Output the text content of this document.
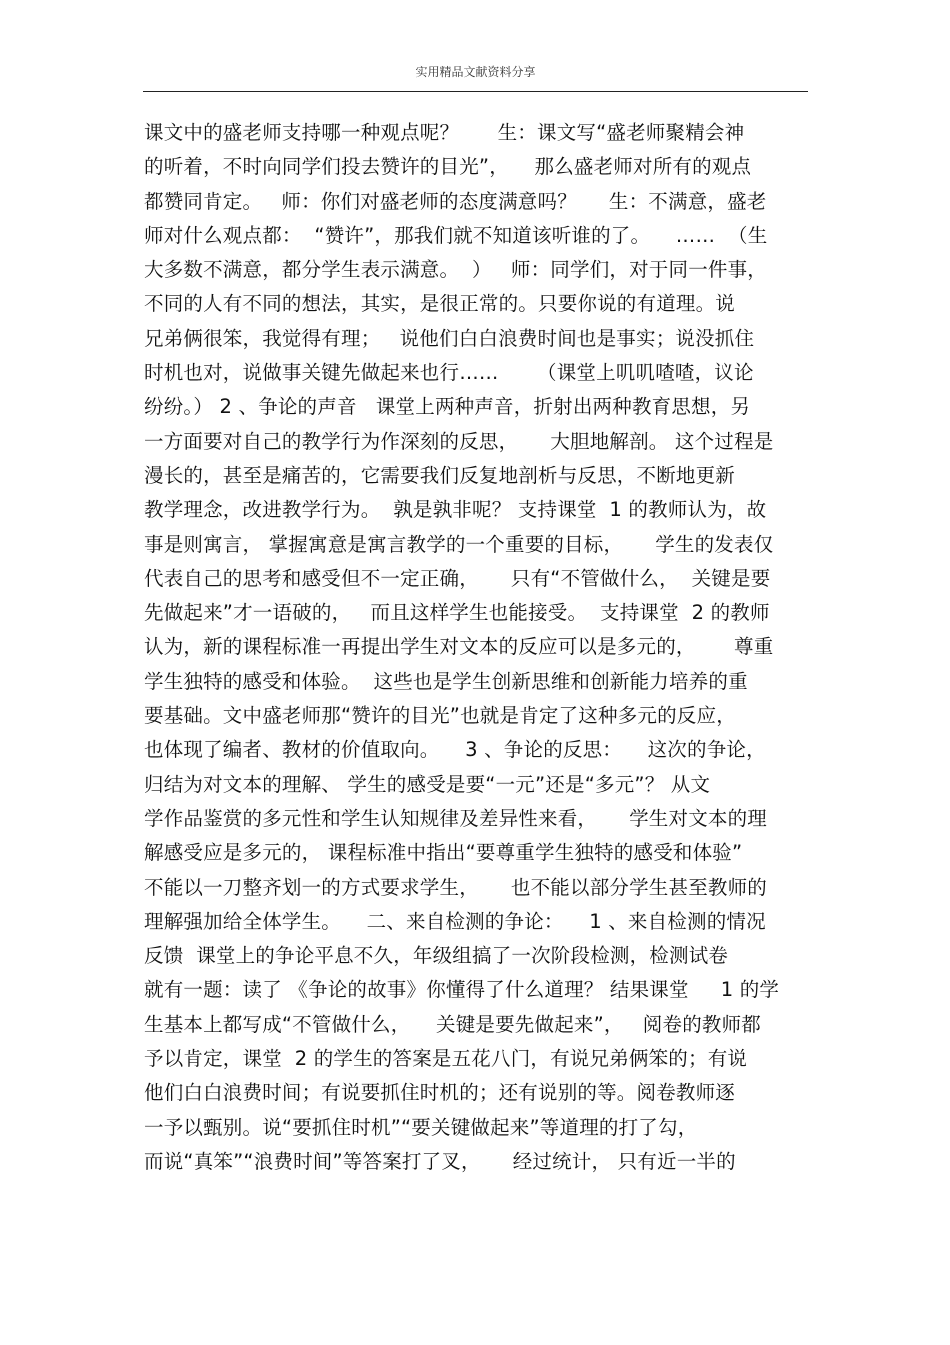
实用精品文献资料分享
课文中的盛老师支持哪一种观点呢？      生：课文写“盛老师聚精会神
的听着，不时向同学们投去赞许的目光”，    那么盛老师对所有的观点
都赞同肯定。   师：你们对盛老师的态度满意吗？     生：不满意，盛老
师对什么观点都：  “赞许”，那我们就不知道该听谁的了。    ……  （生
大多数不满意，都分学生表示满意。  ）   师：同学们，对于同一件事，
不同的人有不同的想法，其实，是很正常的。只要你说的有道理。说
兄弟俩很笨，我觉得有理；   说他们白白浪费时间也是事实；说没抓住
时机也对，说做事关键先做起来也行……      （课堂上叽叽喳喳，议论
纷纷。） 2 、争论的声音   课堂上两种声音，折射出两种教育思想，另
一方面要对自己的教学行为作深刻的反思，     大胆地解剖。 这个过程是
漫长的，甚至是痛苦的，它需要我们反复地剖析与反思，不断地更新
教学理念，改进教学行为。  孰是孰非呢？ 支持课堂  1 的教师认为，故
事是则寓言， 掌握寓意是寓言教学的一个重要的目标，     学生的发表仅
代表自己的思考和感受但不一定正确，     只有“不管做什么，  关键是要
先做起来”才一语破的，   而且这样学生也能接受。  支持课堂  2 的教师
认为，新的课程标准一再提出学生对文本的反应可以是多元的，      尊重
学生独特的感受和体验。  这些也是学生创新思维和创新能力培养的重
要基础。文中盛老师那“赞许的目光”也就是肯定了这种多元的反应，
也体现了编者、教材的价值取向。    3 、争论的反思：    这次的争论，
归结为对文本的理解、 学生的感受是要“一元”还是“多元”？ 从文
学作品鉴赏的多元性和学生认知规律及差异性来看，     学生对文本的理
解感受应是多元的， 课程标准中指出“要尊重学生独特的感受和体验”
不能以一刀整齐划一的方式要求学生，     也不能以部分学生甚至教师的
理解强加给全体学生。    二、来自检测的争论：    1 、来自检测的情况
反馈  课堂上的争论平息不久，年级组搞了一次阶段检测，检测试卷
就有一题：读了 《争论的故事》你懂得了什么道理？ 结果课堂     1 的学
生基本上都写成“不管做什么，    关键是要先做起来”，   阅卷的教师都
予以肯定，课堂  2 的学生的答案是五花八门，有说兄弟俩笨的；有说
他们白白浪费时间；有说要抓住时机的；还有说别的等。阅卷教师逐
一予以甄别。说“要抓住时机”“要关键做起来”等道理的打了勾，
而说“真笨”“浪费时间”等答案打了叉，     经过统计， 只有近一半的
